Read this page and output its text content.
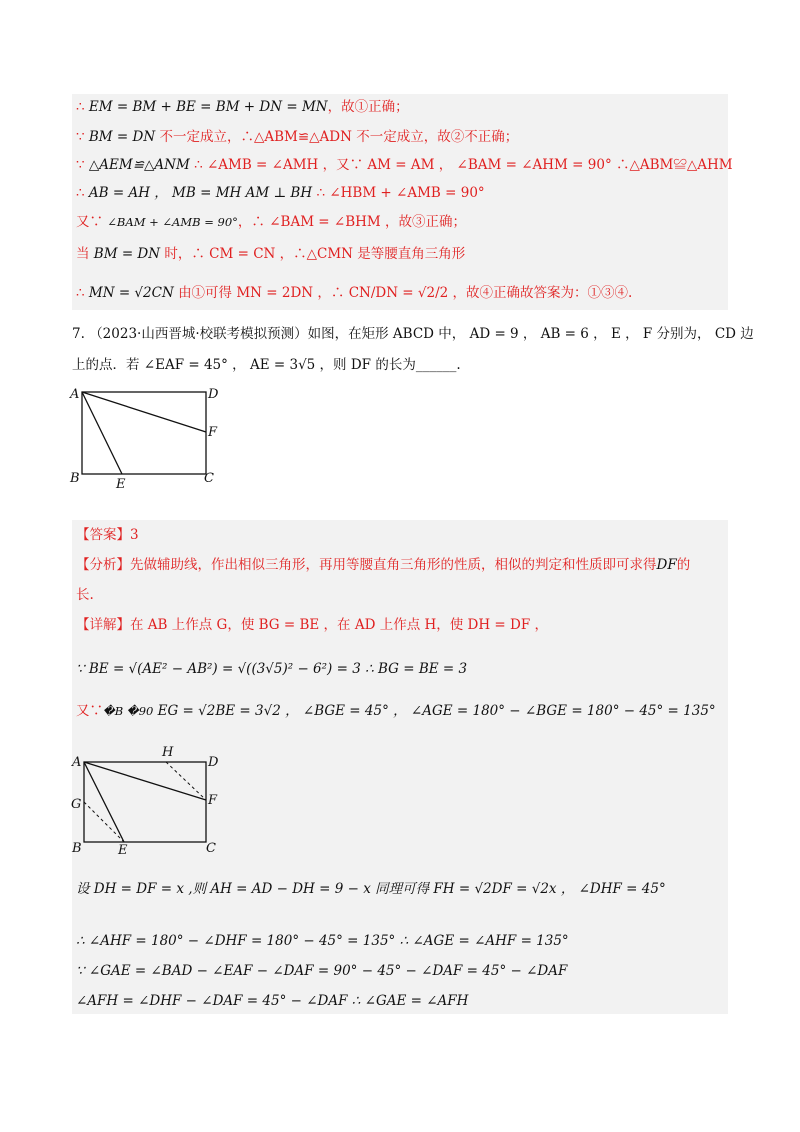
∴ EM = BM + BE = BM + DN = MN，故①正确；
∵ BM = DN 不一定成立，∴△ABM≌△ADN 不一定成立，故②不正确；
∵ △AEM≌△ANM ∴ ∠AMB = ∠AMH ，又∵ AM = AM ， ∠BAM = ∠AHM = 90° ∴△ABM≌△AHM
∴ AB = AH ， MB = MH AM ⊥ BH ∴ ∠HBM + ∠AMB = 90°
又∵ ∠BAM + ∠AMB = 90°，∴ ∠BAM = ∠BHM ，故③正确；
当 BM = DN 时，∴ CM = CN ，∴△CMN 是等腰直角三角形
∴ MN = √2CN 由①可得 MN = 2DN ，∴ CN/DN = √2/2 ，故④正确故答案为：①③④.
7. （2023·山西晋城·校联考模拟预测）如图，在矩形 ABCD 中， AD = 9 ， AB = 6 ， E ， F 分别为， CD 边
上的点．若 ∠EAF = 45° ， AE = 3√5 ，则 DF 的长为______.
A	D
F
B	E	C
【答案】3
【分析】先做辅助线，作出相似三角形，再用等腰直角三角形的性质，相似的判定和性质即可求得DF的
长.
【详解】在 AB 上作点 G，使 BG = BE ，在 AD 上作点 H，使 DH = DF ，
∵ BE = √(AE² − AB²) = √((3√5)² − 6²) = 3 ∴ BG = BE = 3
又∵�B �90 EG = √2BE = 3√2 ， ∠BGE = 45° ， ∠AGE = 180° − ∠BGE = 180° − 45° = 135°
A
H
D
F
G
B	E	C
设 DH = DF = x ,则 AH = AD − DH = 9 − x 同理可得 FH = √2DF = √2x ， ∠DHF = 45°
∴ ∠AHF = 180° − ∠DHF = 180° − 45° = 135° ∴ ∠AGE = ∠AHF = 135°
∵ ∠GAE = ∠BAD − ∠EAF − ∠DAF = 90° − 45° − ∠DAF = 45° − ∠DAF
∠AFH = ∠DHF − ∠DAF = 45° − ∠DAF ∴ ∠GAE = ∠AFH
